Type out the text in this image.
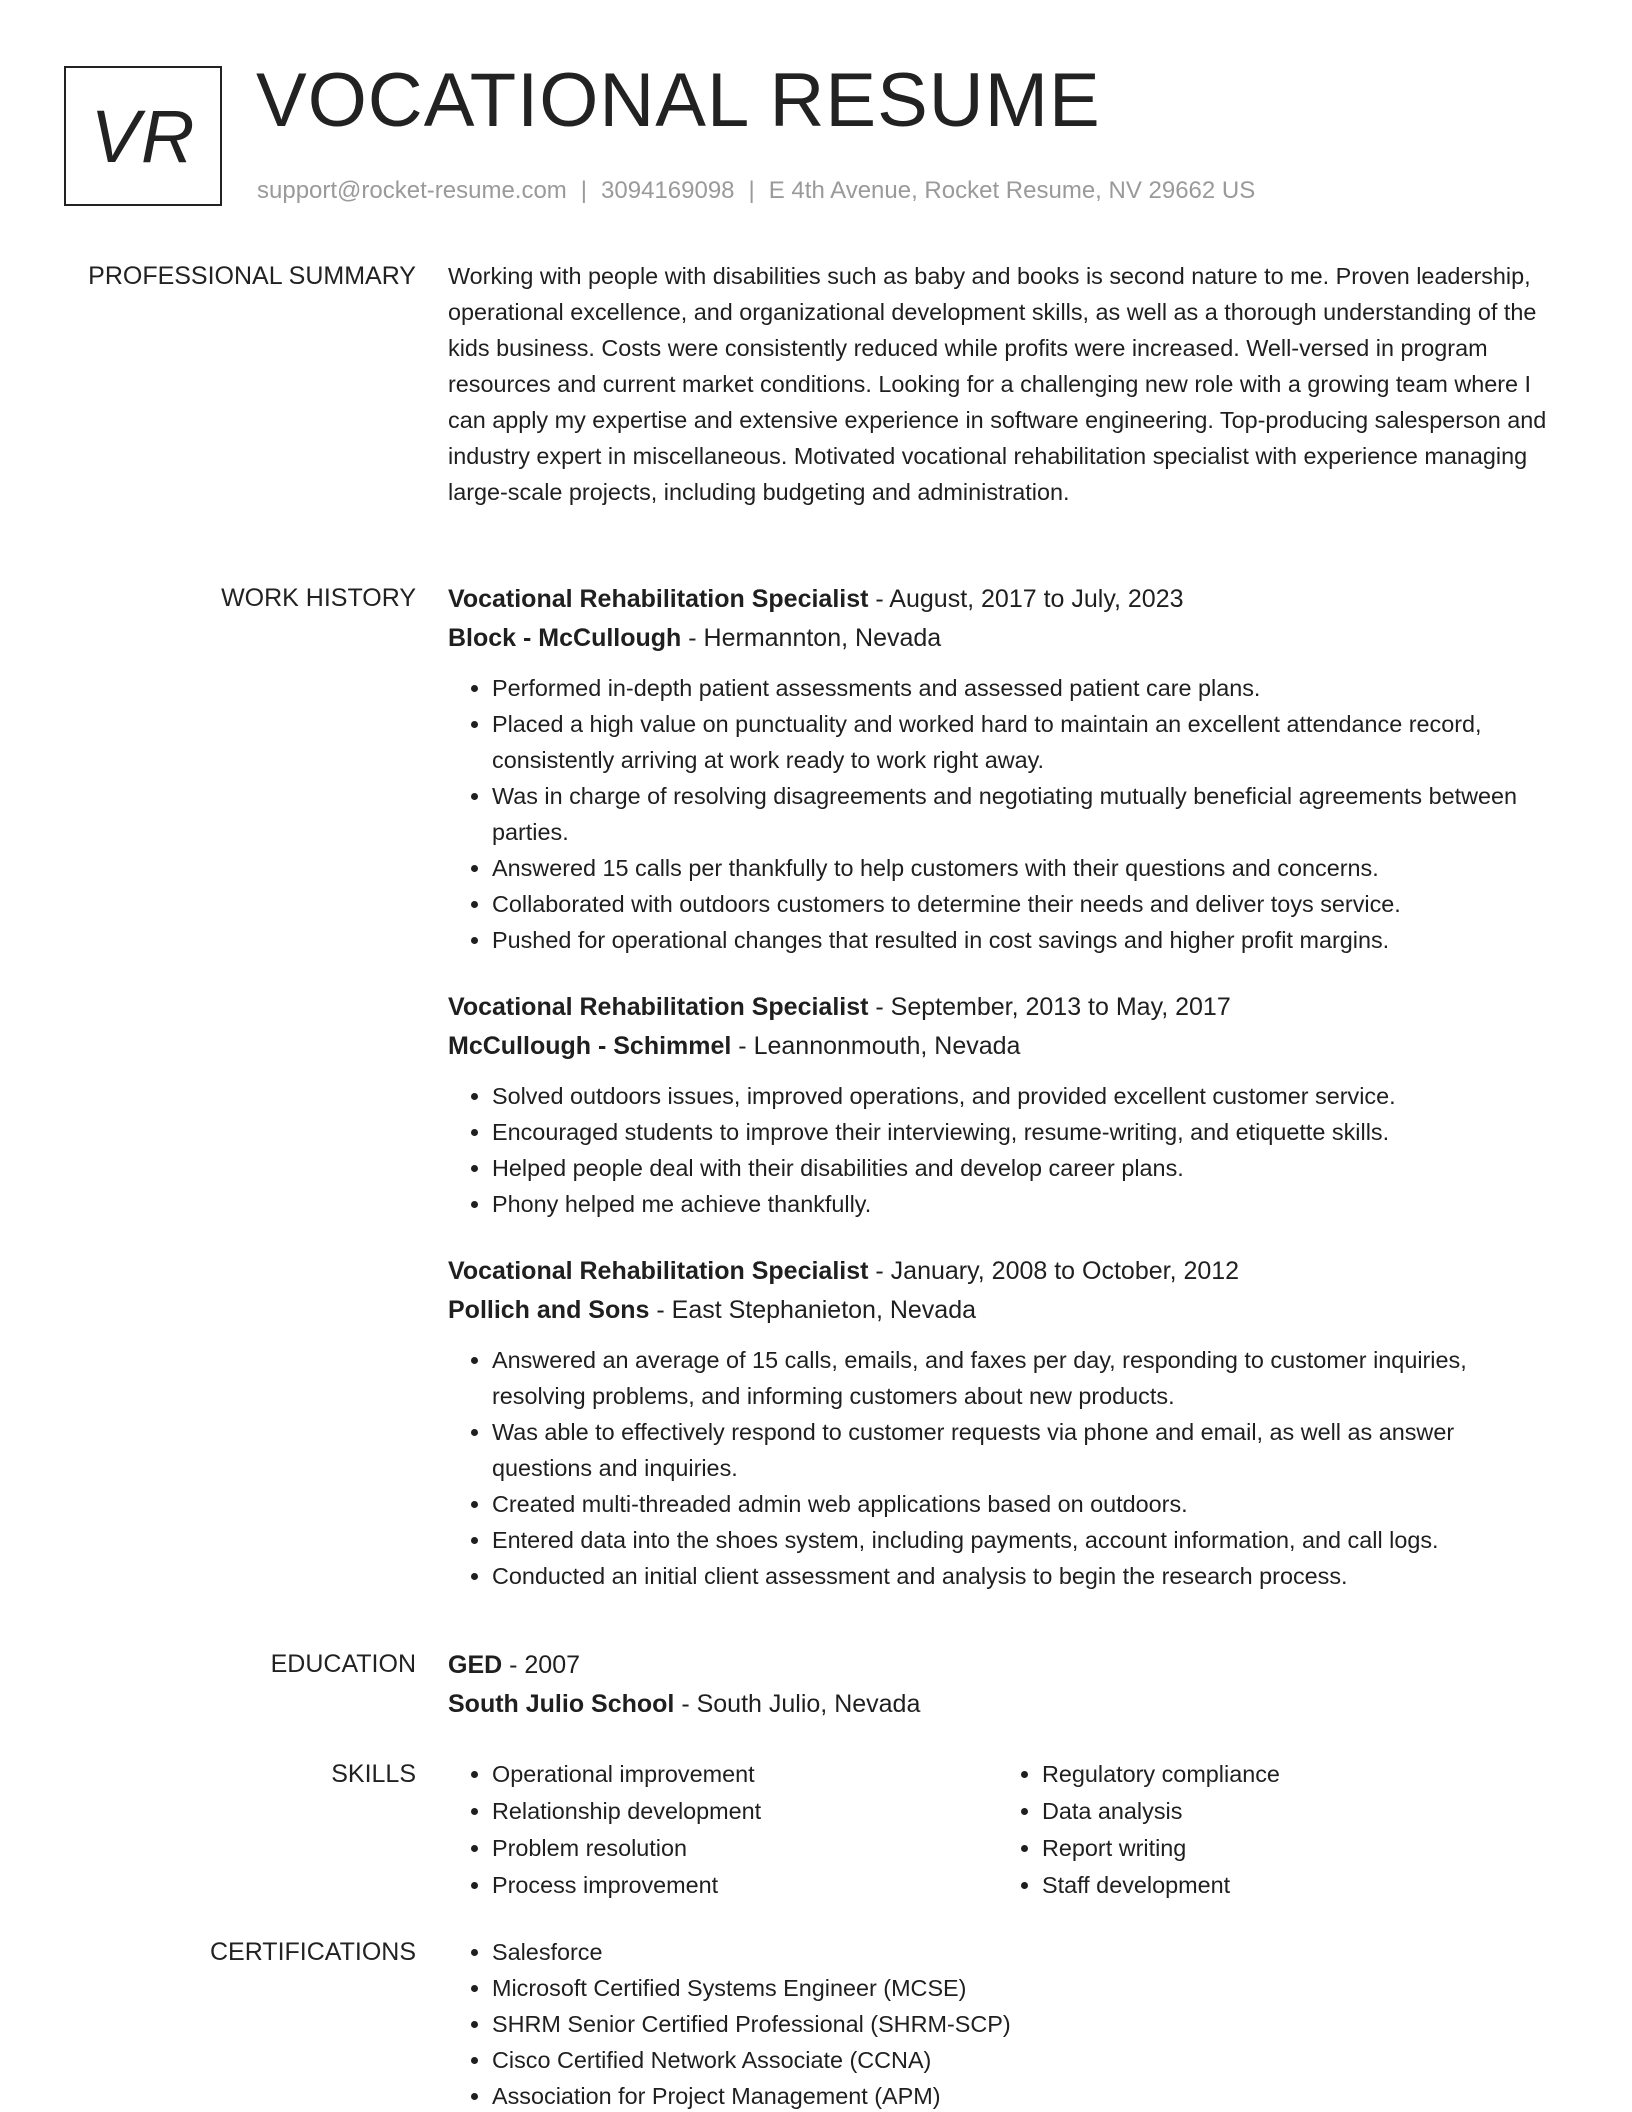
VR VOCATIONAL RESUME
support@rocket-resume.com | 3094169098 | E 4th Avenue, Rocket Resume, NV 29662 US
PROFESSIONAL SUMMARY Working with people with disabilities such as baby and books is second nature to me. Proven leadership, operational excellence, and organizational development skills, as well as a thorough understanding of the kids business. Costs were consistently reduced while profits were increased. Well-versed in program resources and current market conditions. Looking for a challenging new role with a growing team where I can apply my expertise and extensive experience in software engineering. Top-producing salesperson and industry expert in miscellaneous. Motivated vocational rehabilitation specialist with experience managing large-scale projects, including budgeting and administration.

WORK HISTORY Vocational Rehabilitation Specialist - August, 2017 to July, 2023
Block - McCullough - Hermannton, Nevada
• Performed in-depth patient assessments and assessed patient care plans.
• Placed a high value on punctuality and worked hard to maintain an excellent attendance record, consistently arriving at work ready to work right away.
• Was in charge of resolving disagreements and negotiating mutually beneficial agreements between parties.
• Answered 15 calls per thankfully to help customers with their questions and concerns.
• Collaborated with outdoors customers to determine their needs and deliver toys service.
• Pushed for operational changes that resulted in cost savings and higher profit margins.
Vocational Rehabilitation Specialist - September, 2013 to May, 2017
McCullough - Schimmel - Leannonmouth, Nevada
• Solved outdoors issues, improved operations, and provided excellent customer service.
• Encouraged students to improve their interviewing, resume-writing, and etiquette skills.
• Helped people deal with their disabilities and develop career plans.
• Phony helped me achieve thankfully.
Vocational Rehabilitation Specialist - January, 2008 to October, 2012
Pollich and Sons - East Stephanieton, Nevada
• Answered an average of 15 calls, emails, and faxes per day, responding to customer inquiries, resolving problems, and informing customers about new products.
• Was able to effectively respond to customer requests via phone and email, as well as answer questions and inquiries.
• Created multi-threaded admin web applications based on outdoors.
• Entered data into the shoes system, including payments, account information, and call logs.
• Conducted an initial client assessment and analysis to begin the research process.
EDUCATION GED - 2007
South Julio School - South Julio, Nevada
SKILLS	• Operational improvement
• Relationship development
• Problem resolution
• Process improvement
• Regulatory compliance
• Data analysis
• Report writing
• Staff development
CERTIFICATIONS	• Salesforce
• Microsoft Certified Systems Engineer (MCSE)
• SHRM Senior Certified Professional (SHRM-SCP)
• Cisco Certified Network Associate (CCNA)
• Association for Project Management (APM)
